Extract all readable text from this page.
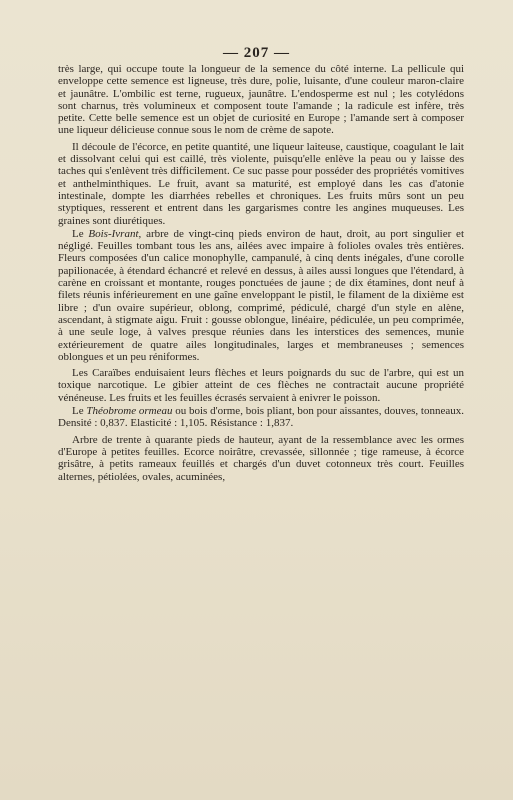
— 207 —

très large, qui occupe toute la longueur de la semence du côté interne. La pellicule qui enveloppe cette semence est ligneuse, très dure, polie, luisante, d'une couleur maron-claire et jaunâtre. L'ombilic est terne, rugueux, jaunâtre. L'endosperme est nul ; les cotylédons sont charnus, très volumineux et composent toute l'amande ; la radicule est infère, très petite. Cette belle semence est un objet de curiosité en Europe ; l'amande sert à composer une liqueur délicieuse connue sous le nom de crème de sapote.

Il découle de l'écorce, en petite quantité, une liqueur laiteuse, caustique, coagulant le lait et dissolvant celui qui est caillé, très violente, puisqu'elle enlève la peau ou y laisse des taches qui s'enlèvent très difficilement. Ce suc passe pour posséder des propriétés vomitives et anthelminthiques. Le fruit, avant sa maturité, est employé dans les cas d'atonie intestinale, dompte les diarrhées rebelles et chroniques. Les fruits mûrs sont un peu styptiques, resserent et entrent dans les gargarismes contre les angines muqueuses. Les graines sont diurétiques.

Le Bois-Ivrant, arbre de vingt-cinq pieds environ de haut, droit, au port singulier et négligé. Feuilles tombant tous les ans, ailées avec impaire à folioles ovales très entières. Fleurs composées d'un calice monophylle, campanulé, à cinq dents inégales, d'une corolle papilionacée, à étendard échancré et relevé en dessus, à ailes aussi longues que l'étendard, à carène en croissant et montante, rouges ponctuées de jaune ; de dix étamines, dont neuf à filets réunis inférieurement en une gaîne enveloppant le pistil, le filament de la dixième est libre ; d'un ovaire supérieur, oblong, comprimé, pédiculé, chargé d'un style en alène, ascendant, à stigmate aigu. Fruit : gousse oblongue, linéaire, pédiculée, un peu comprimée, à une seule loge, à valves presque réunies dans les interstices des semences, munie extérieurement de quatre ailes longitudinales, larges et membraneuses ; semences oblongues et un peu réniformes.

Les Caraïbes enduisaient leurs flèches et leurs poignards du suc de l'arbre, qui est un toxique narcotique. Le gibier atteint de ces flèches ne contractait aucune propriété vénéneuse. Les fruits et les feuilles écrasés servaient à enivrer le poisson.

Le Théobrome ormeau ou bois d'orme, bois pliant, bon pour aissantes, douves, tonneaux. Densité : 0,837. Elasticité : 1,105. Résistance : 1,837.

Arbre de trente à quarante pieds de hauteur, ayant de la ressemblance avec les ormes d'Europe à petites feuilles. Ecorce noirâtre, crevassée, sillonnée ; tige rameuse, à écorce grisâtre, à petits rameaux feuillés et chargés d'un duvet cotonneux très court. Feuilles alternes, pétiolées, ovales, acuminées,
